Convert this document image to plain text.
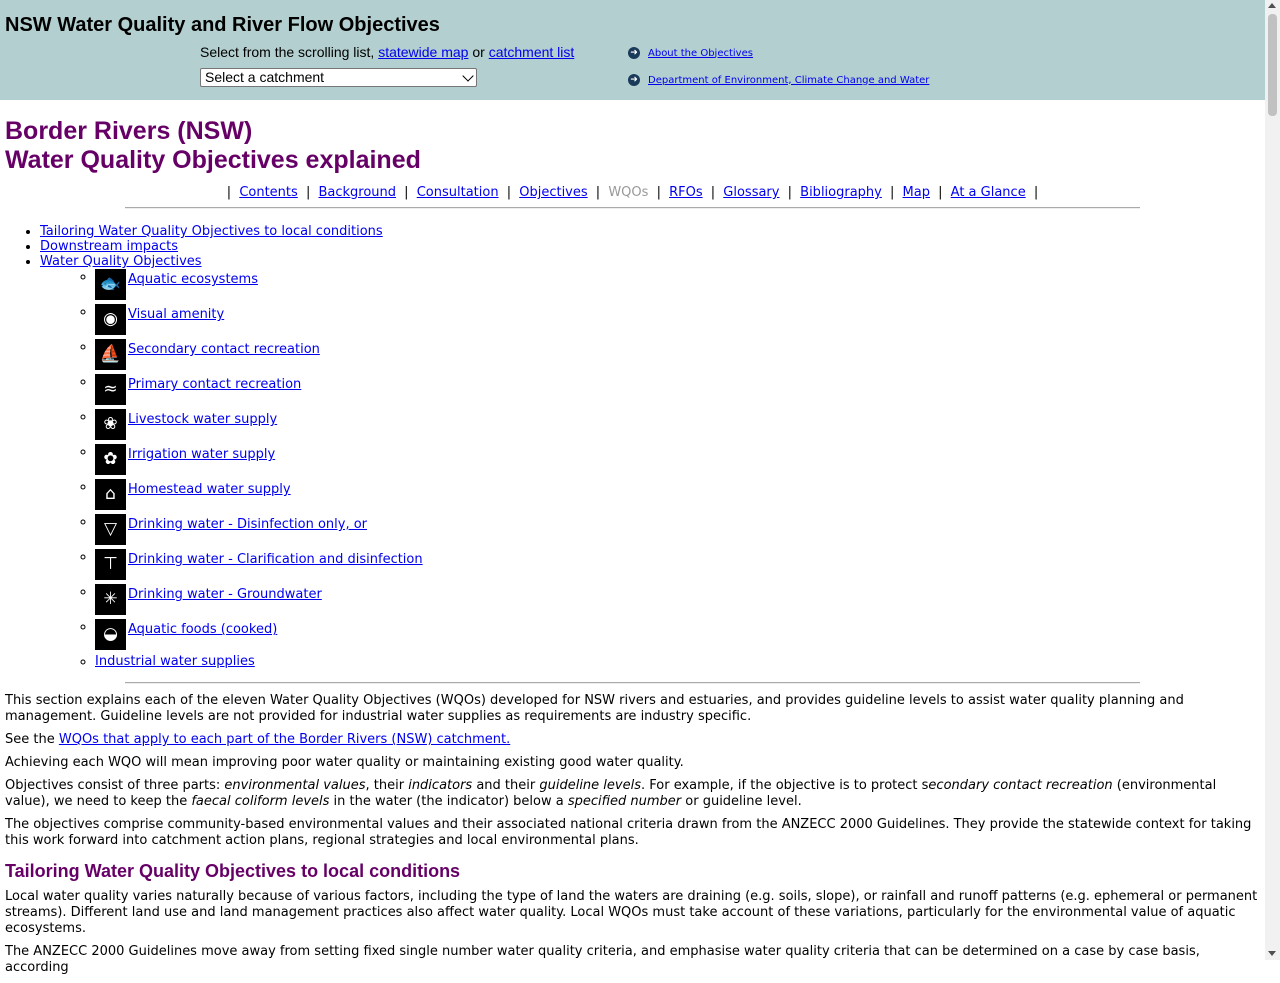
NSW Water Quality and River Flow Objectives
Select from the scrolling list, statewide map or catchment list
Select a catchment
➜ About the Objectives
➜ Department of Environment, Climate Change and Water
Border Rivers (NSW)
Water Quality Objectives explained
| Contents | Background | Consultation | Objectives | WQOs | RFOs | Glossary | Bibliography | Map | At a Glance |
• Tailoring Water Quality Objectives to local conditions
• Downstream impacts
• Water Quality Objectives
◦ 🐟 Aquatic ecosystems
◦ ◉ Visual amenity
◦ ⛵ Secondary contact recreation
◦ ≈ Primary contact recreation
◦ ❀ Livestock water supply
◦ ✿ Irrigation water supply
◦ ⌂ Homestead water supply
◦ ▽ Drinking water - Disinfection only, or
◦ ⊤ Drinking water - Clarification and disinfection
◦ ✳ Drinking water - Groundwater
◦ ◒ Aquatic foods (cooked)
◦ Industrial water supplies

This section explains each of the eleven Water Quality Objectives (WQOs) developed for NSW rivers and estuaries, and provides guideline levels to assist water quality planning and management. Guideline levels are not provided for industrial water supplies as requirements are industry specific.

See the WQOs that apply to each part of the Border Rivers (NSW) catchment.

Achieving each WQO will mean improving poor water quality or maintaining existing good water quality.

Objectives consist of three parts: environmental values, their indicators and their guideline levels. For example, if the objective is to protect secondary contact recreation (environmental value), we need to keep the faecal coliform levels in the water (the indicator) below a specified number or guideline level.

The objectives comprise community-based environmental values and their associated national criteria drawn from the ANZECC 2000 Guidelines. They provide the statewide context for taking this work forward into catchment action plans, regional strategies and local environmental plans.

Tailoring Water Quality Objectives to local conditions

Local water quality varies naturally because of various factors, including the type of land the waters are draining (e.g. soils, slope), or rainfall and runoff patterns (e.g. ephemeral or permanent streams). Different land use and land management practices also affect water quality. Local WQOs must take account of these variations, particularly for the environmental value of aquatic ecosystems.

The ANZECC 2000 Guidelines move away from setting fixed single number water quality criteria, and emphasise water quality criteria that can be determined on a case by case basis, according
